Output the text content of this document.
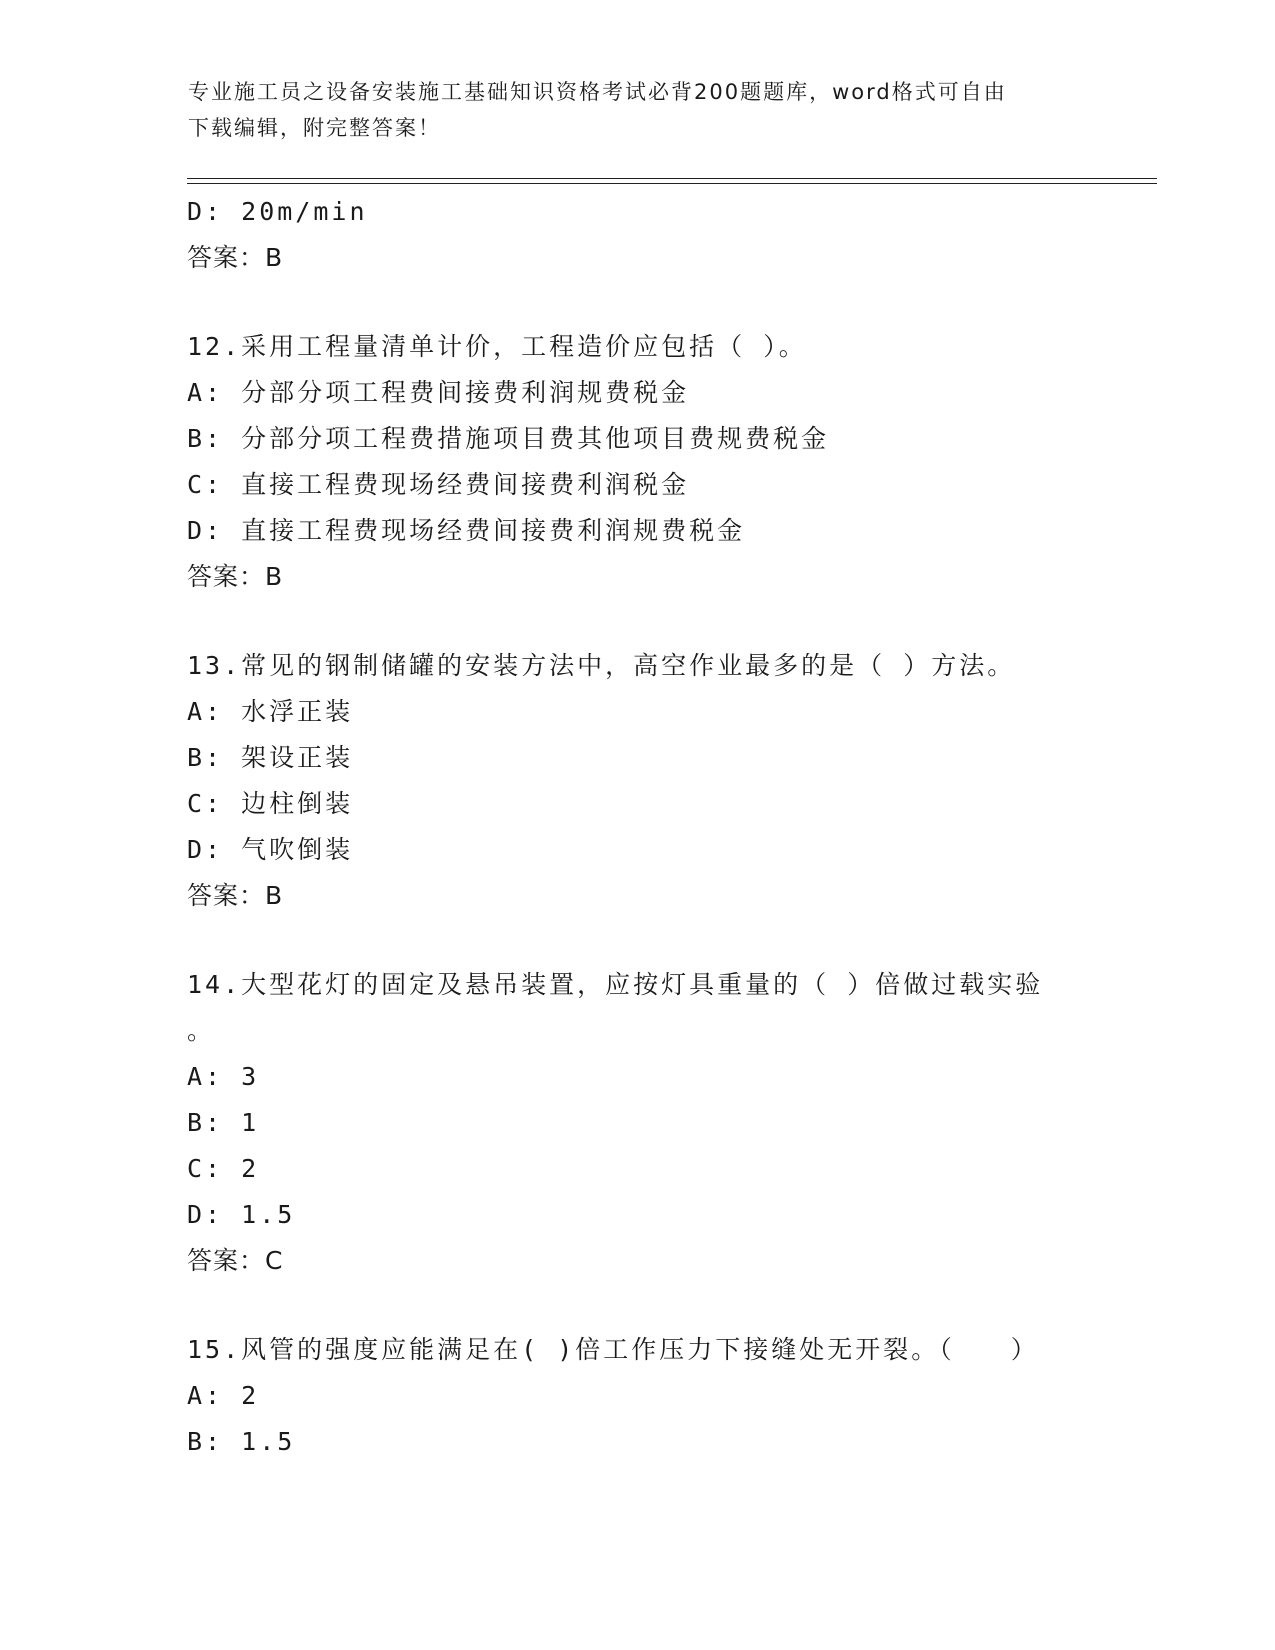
专业施工员之设备安装施工基础知识资格考试必背200题题库，word格式可自由
下载编辑，附完整答案！
D: 20m/min
答案：B
12.采用工程量清单计价，工程造价应包括（ ）。
A: 分部分项工程费间接费利润规费税金
B: 分部分项工程费措施项目费其他项目费规费税金
C: 直接工程费现场经费间接费利润税金
D: 直接工程费现场经费间接费利润规费税金
答案：B
13.常见的钢制储罐的安装方法中，高空作业最多的是（ ）方法。
A: 水浮正装
B: 架设正装
C: 边柱倒装
D: 气吹倒装
答案：B
14.大型花灯的固定及悬吊装置，应按灯具重量的（ ）倍做过载实验
。
A: 3
B: 1
C: 2
D: 1.5
答案：C
15.风管的强度应能满足在( )倍工作压力下接缝处无开裂。（　　）
A: 2
B: 1.5
